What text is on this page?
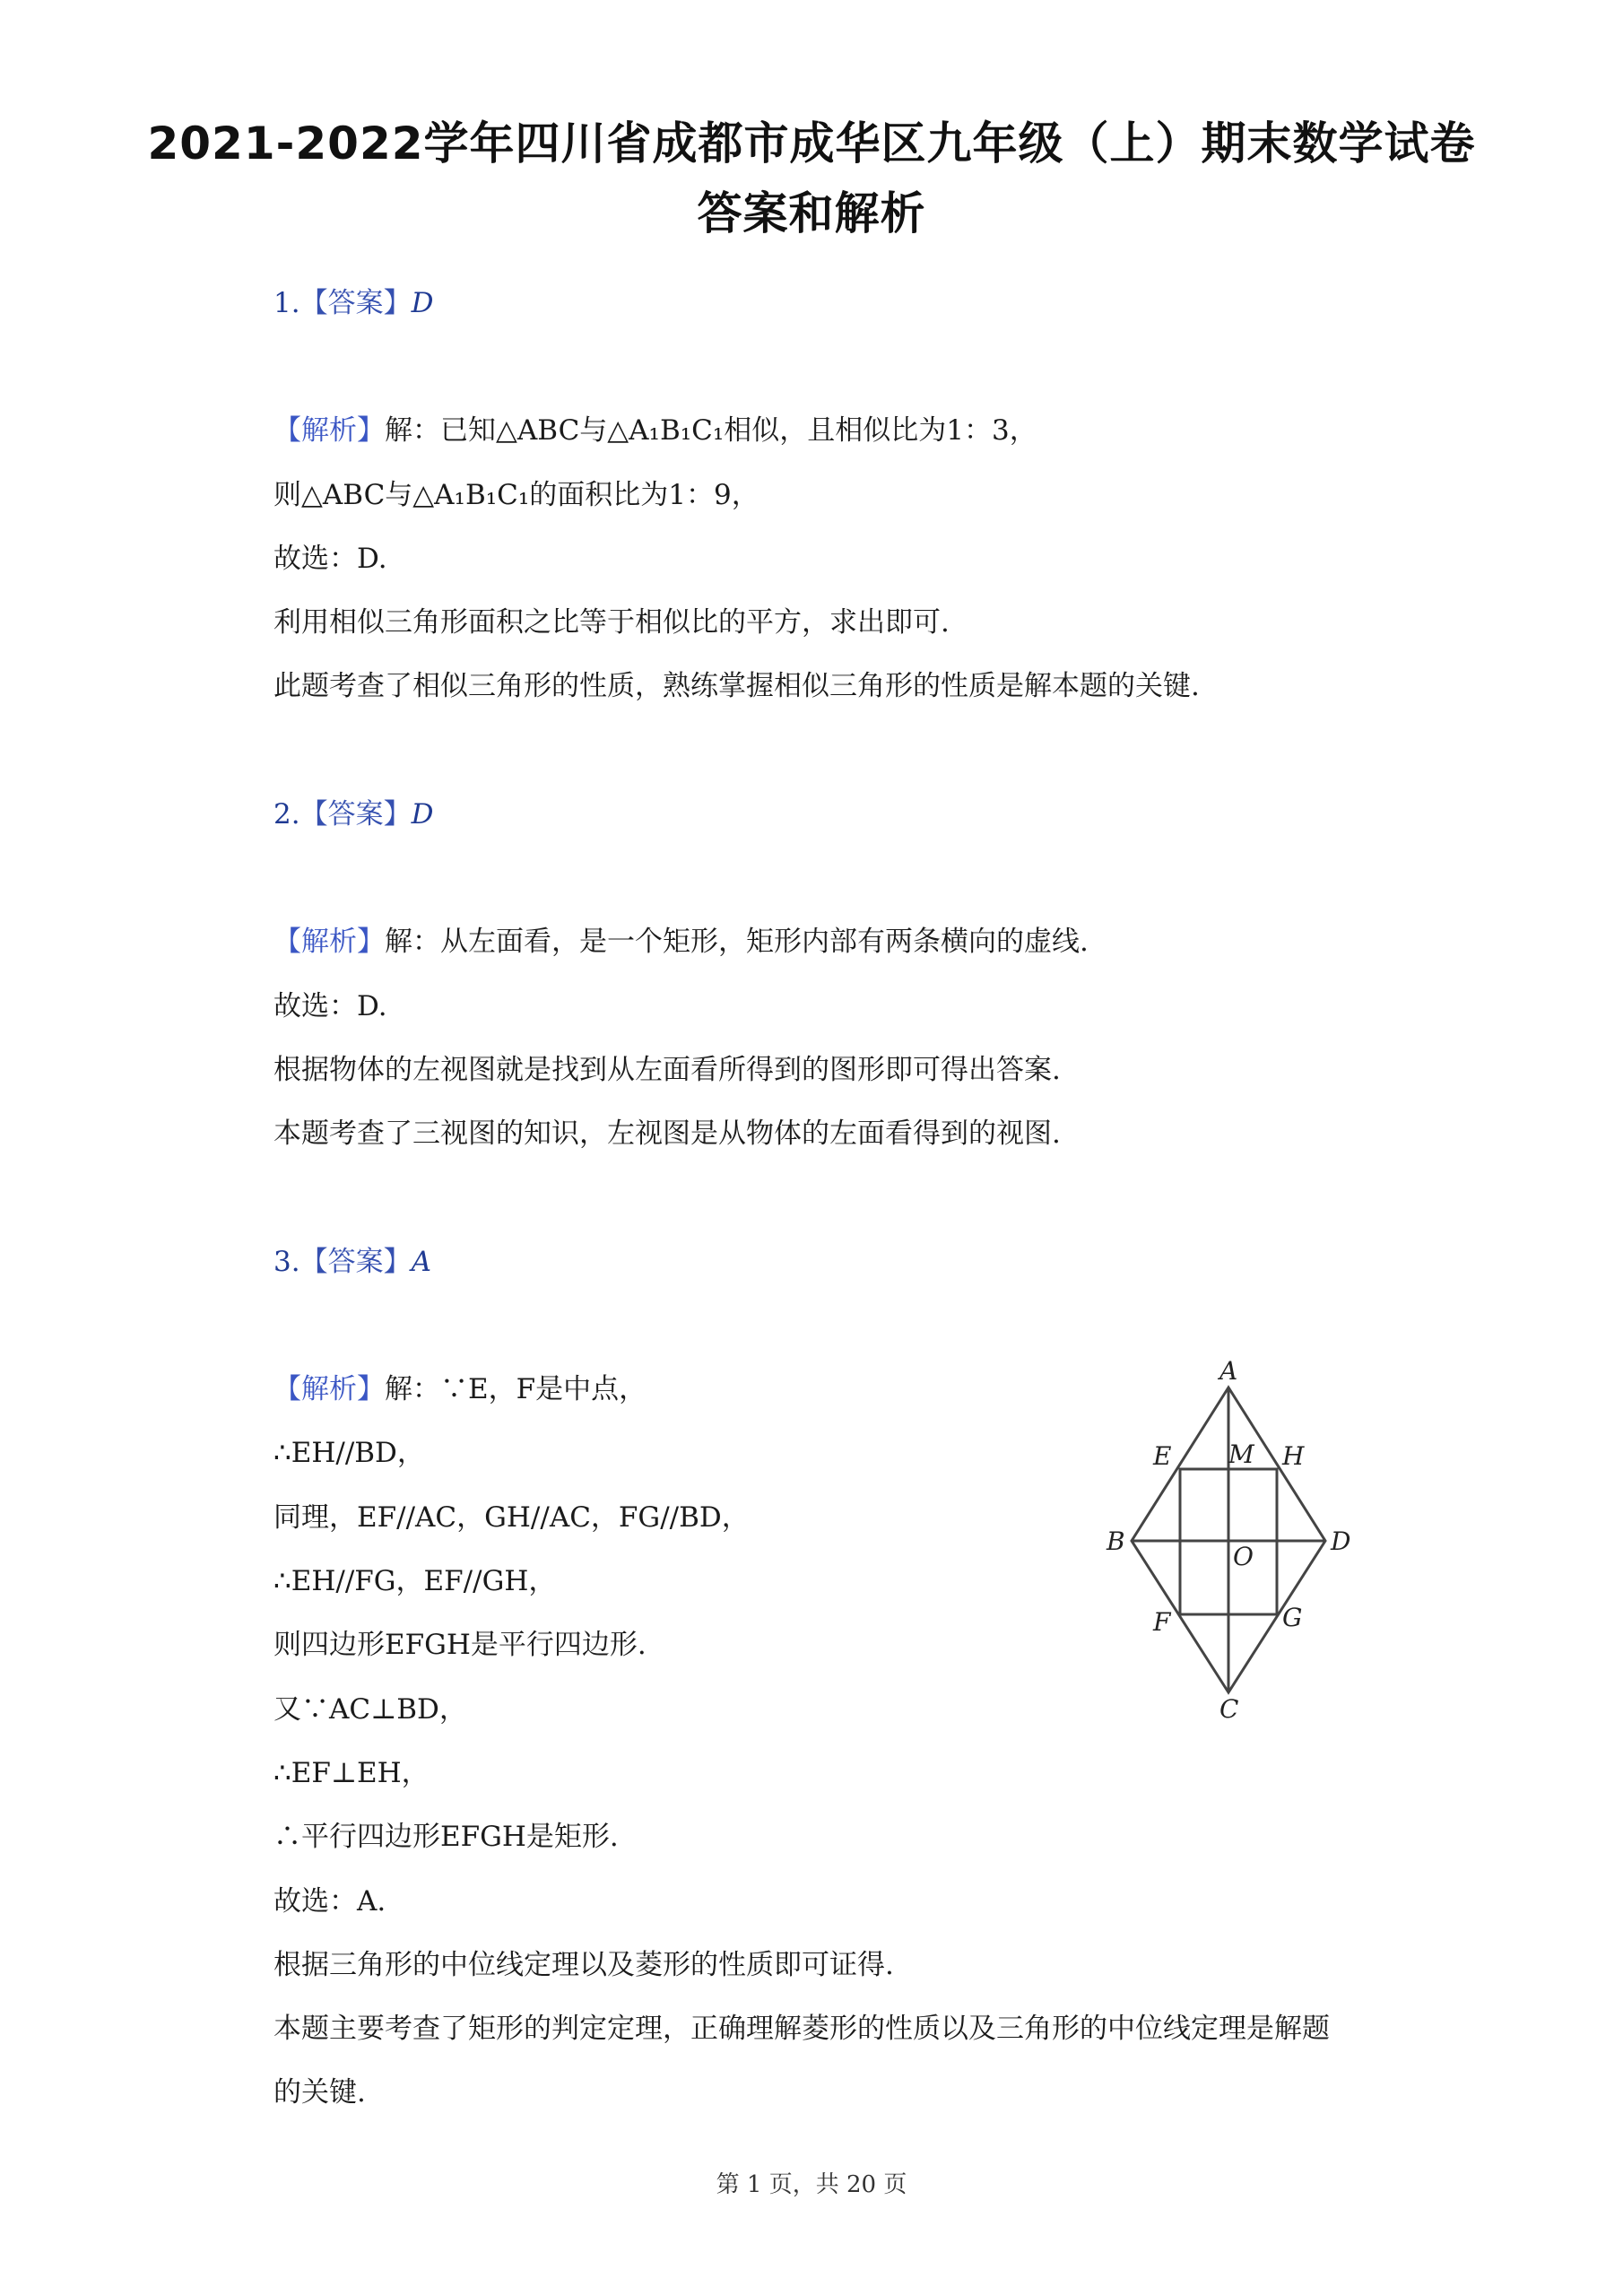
2021-2022学年四川省成都市成华区九年级（上）期末数学试卷
答案和解析
1.【答案】D
【解析】解：已知△ABC与△A₁B₁C₁相似，且相似比为1：3，
则△ABC与△A₁B₁C₁的面积比为1：9，
故选：D.
利用相似三角形面积之比等于相似比的平方，求出即可.
此题考查了相似三角形的性质，熟练掌握相似三角形的性质是解本题的关键.
2.【答案】D
【解析】解：从左面看，是一个矩形，矩形内部有两条横向的虚线.
故选：D.
根据物体的左视图就是找到从左面看所得到的图形即可得出答案.
本题考查了三视图的知识，左视图是从物体的左面看得到的视图.
3.【答案】A
【解析】解：∵E，F是中点，
∴EH//BD，
同理，EF//AC，GH//AC，FG//BD，
∴EH//FG，EF//GH，
则四边形EFGH是平行四边形.
又∵AC⊥BD，
∴EF⊥EH，
∴平行四边形EFGH是矩形.
故选：A.
根据三角形的中位线定理以及菱形的性质即可证得.
本题主要考查了矩形的判定定理，正确理解菱形的性质以及三角形的中位线定理是解题
的关键.
A
B
C
D
E
F	G
H
M
O
第 1 页，共 20 页
